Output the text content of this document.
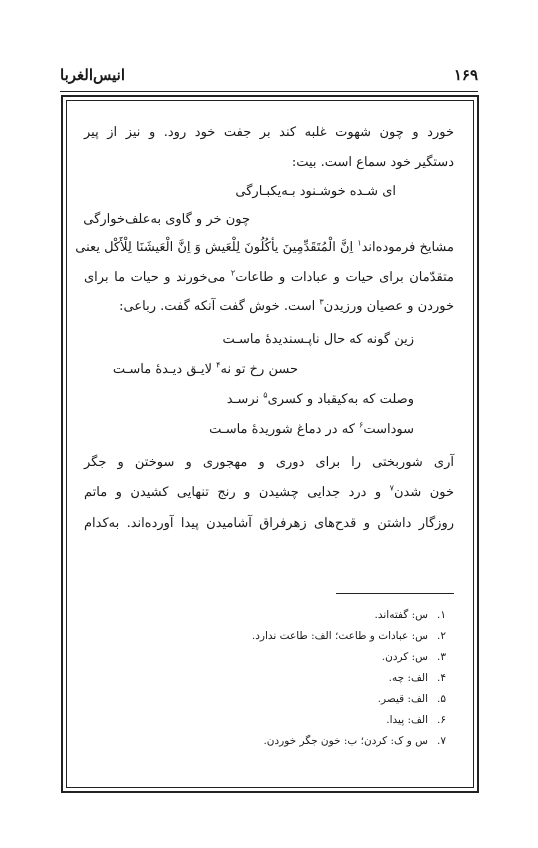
انیس‌الغربا	۱۶۹
خورد و چون شهوت غلبه کند بر جفت خود رود. و نیز از پیر
دستگیر خود سماع است. بیت:
ای شـده خوشـنود بـه‌یکبـارگی
چون خر و گاوی به‌علف‌خوارگی
مشایخ فرموده‌اند$^۱$ اِنَّ الْمُتَقَدِّمِینَ یأکُلُونَ لِلْعَیش وَ اِنَّ الْعَیشَنَا لِلْأَکْل یعنی
متقدّمان برای حیات و عبادات و طاعات$^۲$ می‌خورند و حیات ما برای
خوردن و عصیان ورزیدن$^۳$ است. خوش گفت آنکه گفت. رباعی:
زین گونه که حال ناپـسندیدهٔ ماسـت
حسن رخ تو نه$^۴$ لایـق دیـدهٔ ماسـت
وصلت که به‌کیقباد و کسری$^۵$ نرسـد
سوداست$^۶$ که در دماغ شوریدهٔ ماسـت
آری شوربختی را برای دوری و مهجوری و سوختن و جگر
خون شدن$^۷$ و درد جدایی چشیدن و رنج تنهایی کشیدن و ماتم
روزگار داشتن و قدح‌های زهرفراق آشامیدن پیدا آورده‌اند. به‌کدام
۱.س: گفته‌اند.
۲.س: عبادات و طاعت؛ الف: طاعت ندارد.
۳.س: کردن.
۴.الف: چه.
۵.الف: قیصر.
۶.الف: پیدا.
۷.س و ک: کردن؛ ب: خون جگر خوردن.
